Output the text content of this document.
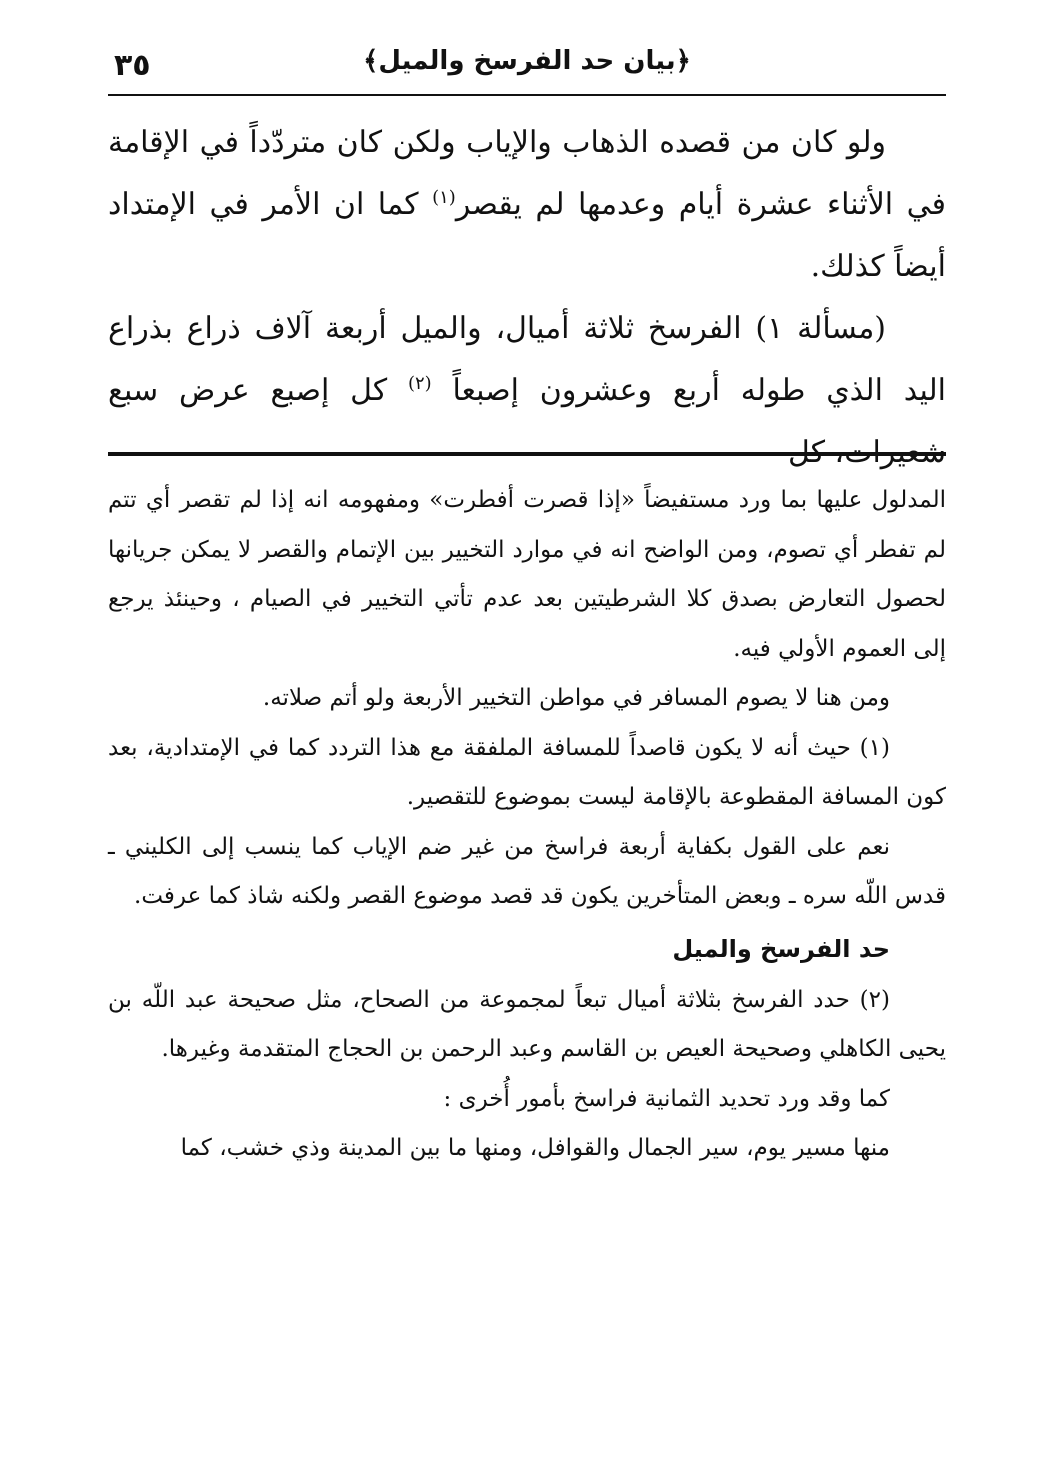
٣٥	﴿بيان حد الفرسخ والميل﴾

ولو كان من قصده الذهاب والإياب ولكن كان متردّداً في الإقامة في الأثناء عشرة أيام وعدمها لم يقصر$^{(١)}$ كما ان الأمر في الإمتداد أيضاً كذلك.

(مسألة ١) الفرسخ ثلاثة أميال، والميل أربعة آلاف ذراع بذراع اليد الذي طوله أربع وعشرون إصبعاً $^{(٢)}$ كل إصبع عرض سبع شعيرات، كل

المدلول عليها بما ورد مستفيضاً «إذا قصرت أفطرت» ومفهومه انه إذا لم تقصر أي تتم لم تفطر أي تصوم، ومن الواضح انه في موارد التخيير بين الإتمام والقصر لا يمكن جريانها لحصول التعارض بصدق كلا الشرطيتين بعد عدم تأتي التخيير في الصيام ، وحينئذ يرجع إلى العموم الأولي فيه.

ومن هنا لا يصوم المسافر في مواطن التخيير الأربعة ولو أتم صلاته.

(١) حيث أنه لا يكون قاصداً للمسافة الملفقة مع هذا التردد كما في الإمتدادية، بعد كون المسافة المقطوعة بالإقامة ليست بموضوع للتقصير.

نعم على القول بكفاية أربعة فراسخ من غير ضم الإياب كما ينسب إلى الكليني ـ قدس اللّه سره ـ وبعض المتأخرين يكون قد قصد موضوع القصر ولكنه شاذ كما عرفت.

حد الفرسخ والميل

(٢) حدد الفرسخ بثلاثة أميال تبعاً لمجموعة من الصحاح، مثل صحيحة عبد اللّه بن يحيى الكاهلي وصحيحة العيص بن القاسم وعبد الرحمن بن الحجاج المتقدمة وغيرها.

كما وقد ورد تحديد الثمانية فراسخ بأمور أُخرى :

منها مسير يوم، سير الجمال والقوافل، ومنها ما بين المدينة وذي خشب، كما
